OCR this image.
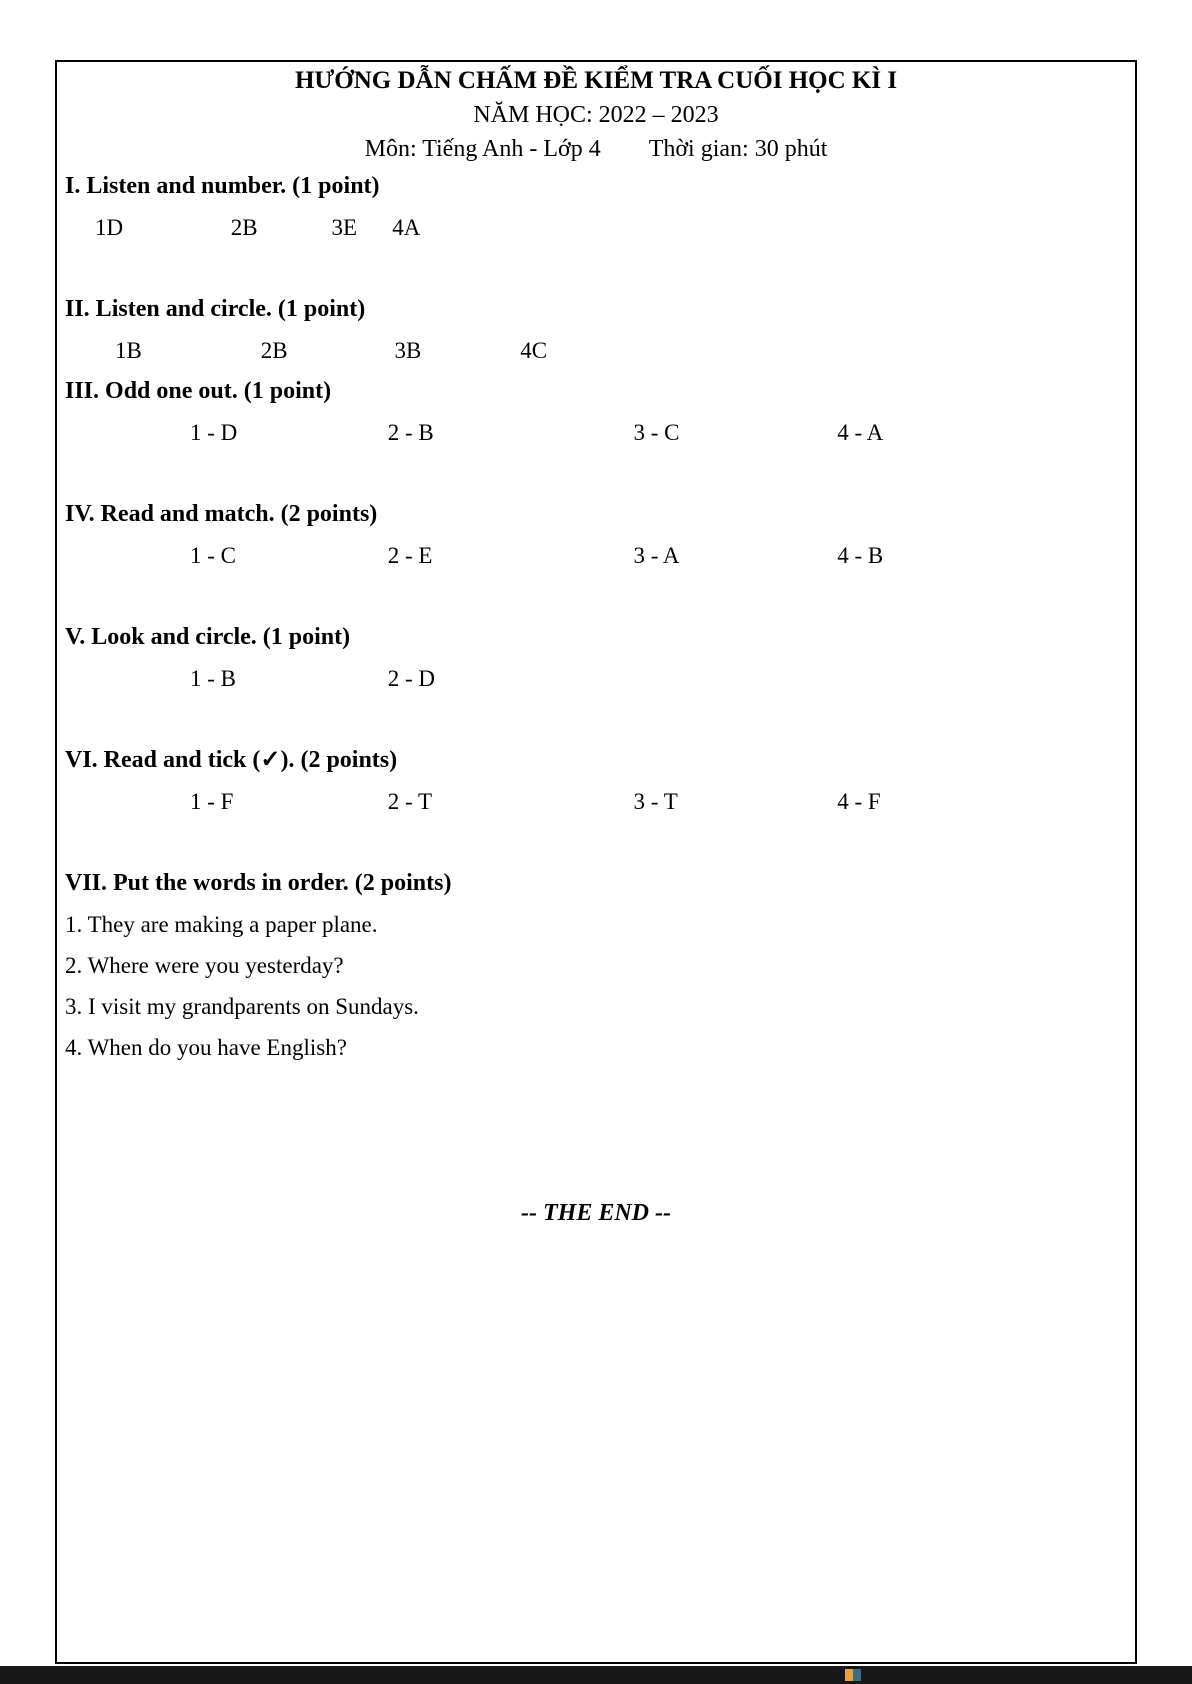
HƯỚNG DẪN CHẤM ĐỀ KIỂM TRA CUỐI HỌC KÌ I
NĂM HỌC: 2022 – 2023
Môn: Tiếng Anh - Lớp 4 Thời gian: 30 phút
I. Listen and number. (1 point)
1D	2B	3E 4A
II. Listen and circle. (1 point)
1B	2B	3B	4C
III. Odd one out. (1 point)
1 - D	2 - B	3 - C	4 - A
IV. Read and match. (2 points)
1 - C	2 - E	3 - A	4 - B
V. Look and circle. (1 point)
1 - B	2 - D
VI. Read and tick (✓). (2 points)
1 - F	2 - T	3 - T	4 - F
VII. Put the words in order. (2 points)
1. They are making a paper plane.
2. Where were you yesterday?
3. I visit my grandparents on Sundays.
4. When do you have English?
-- THE END --
